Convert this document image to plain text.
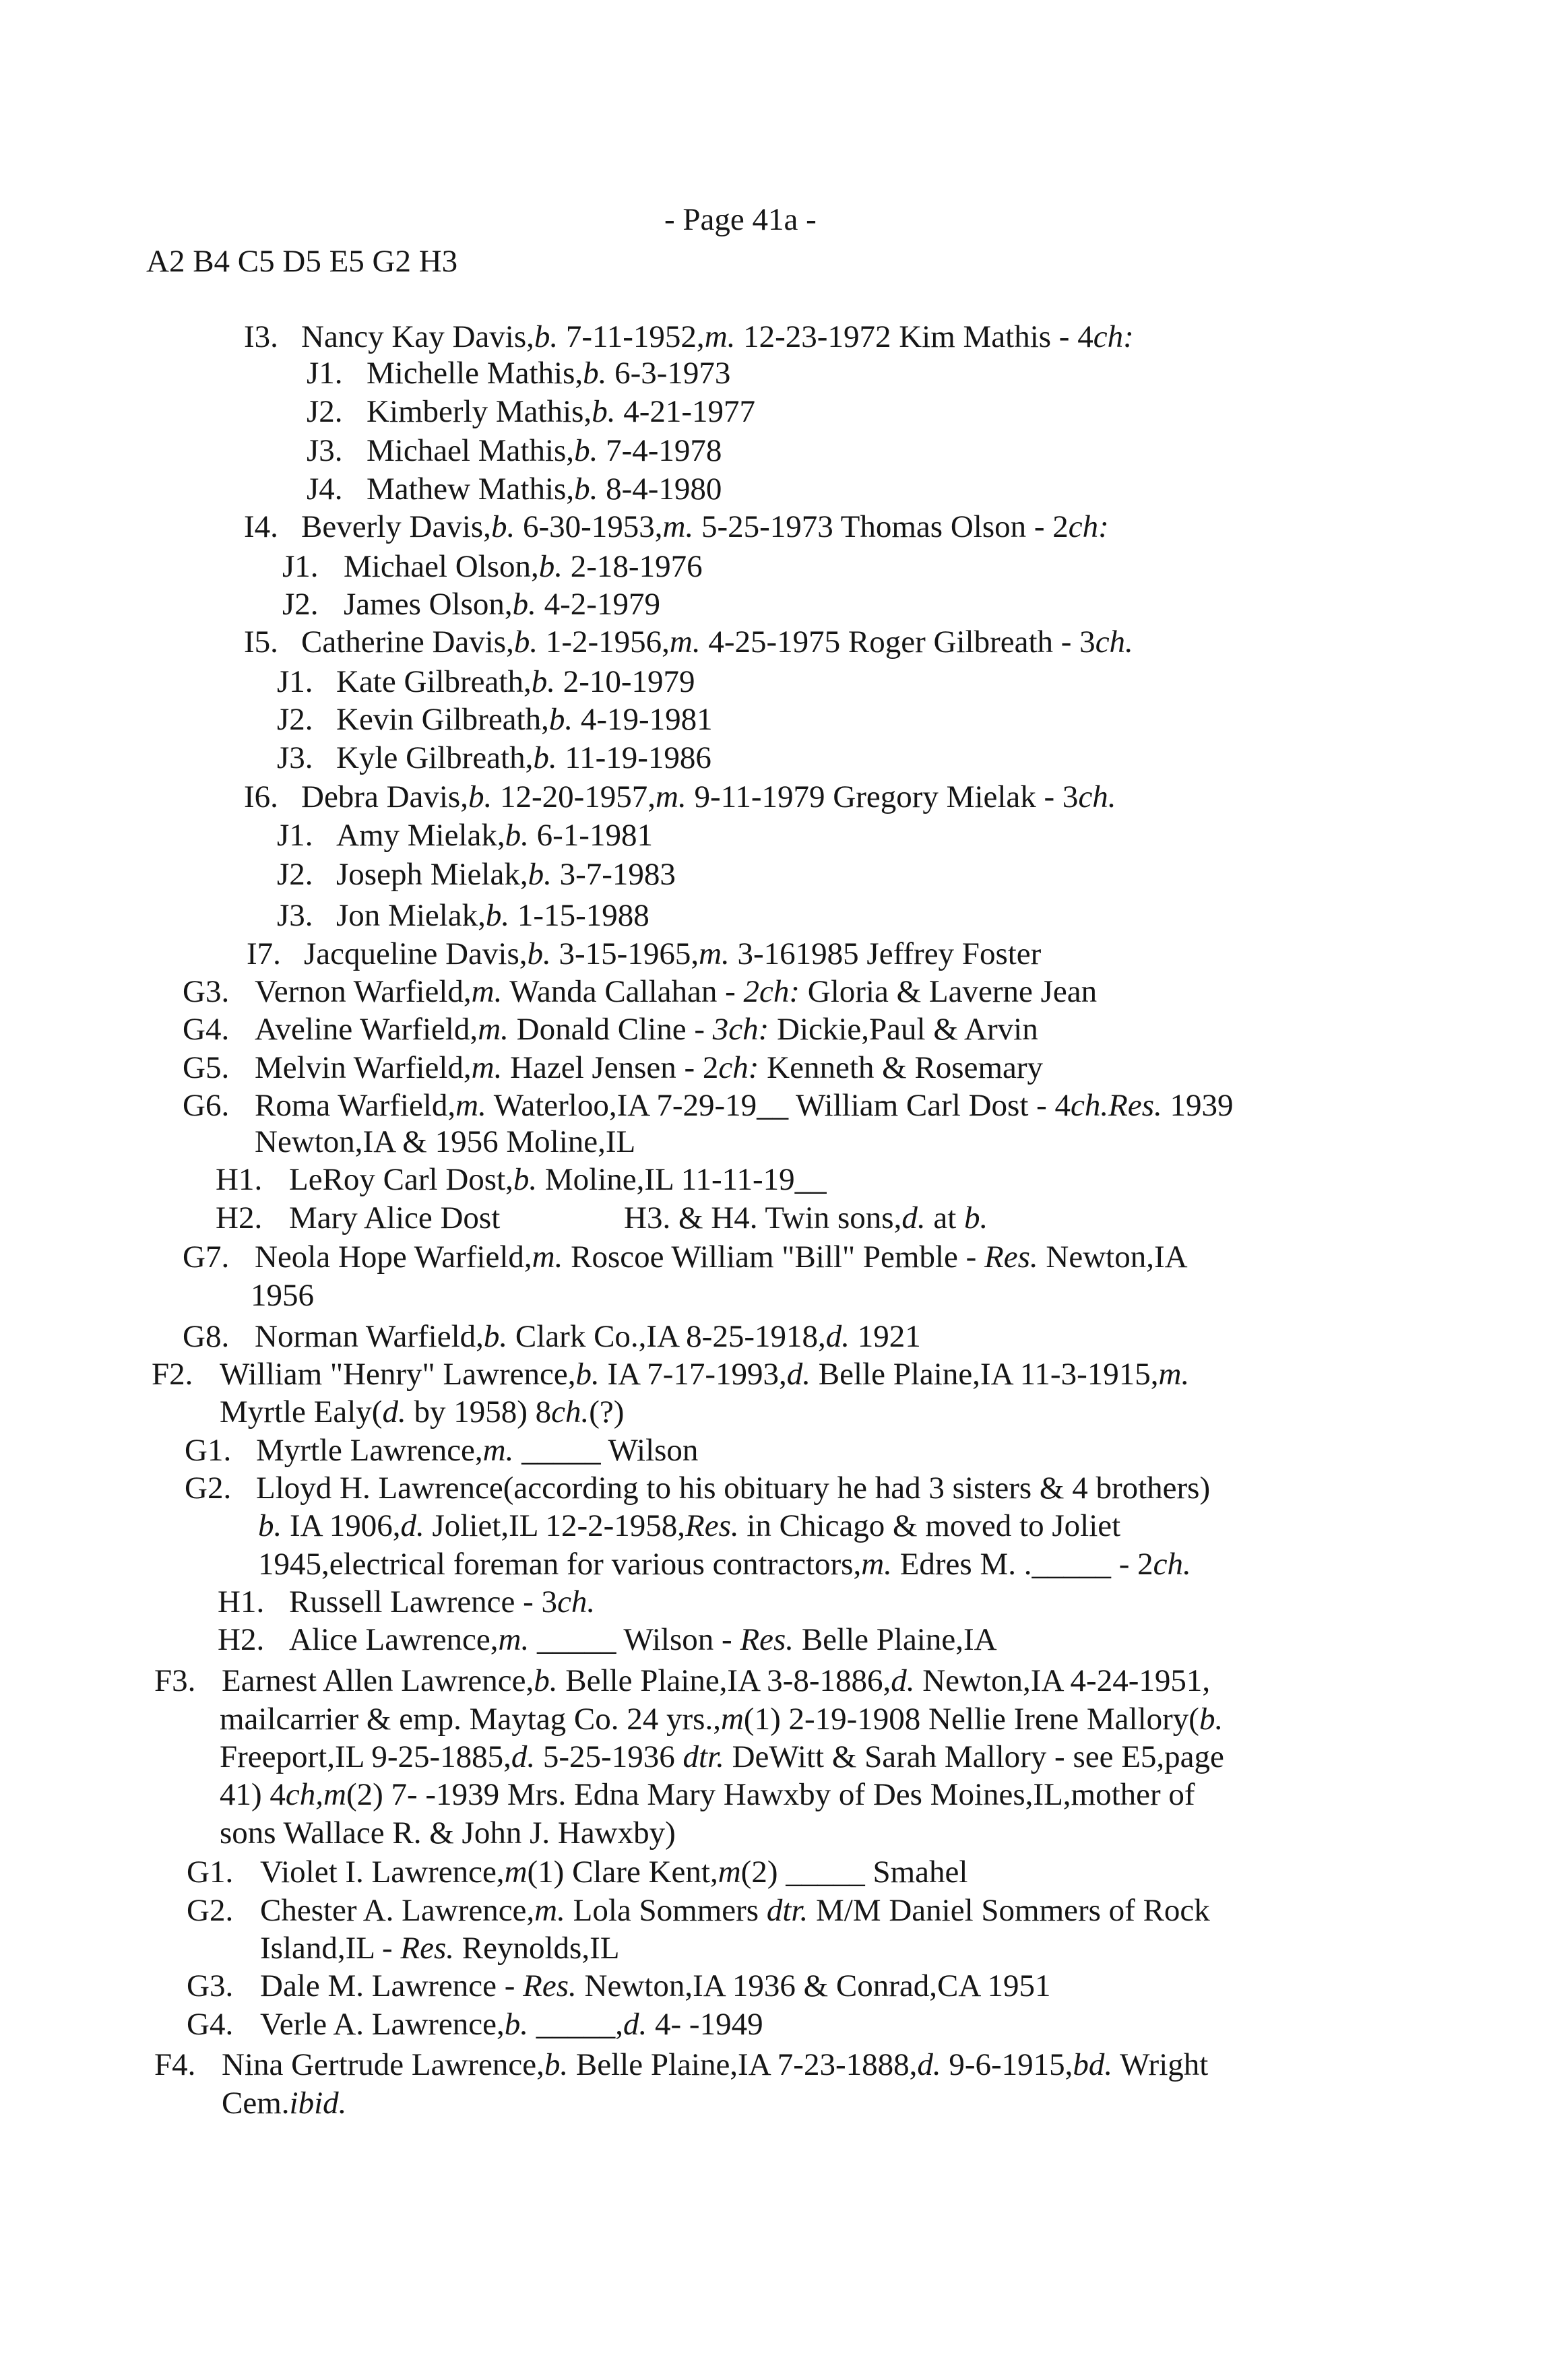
- Page 41a -
A2 B4 C5 D5 E5 G2 H3
I3. Nancy Kay Davis,b. 7-11-1952,m. 12-23-1972 Kim Mathis - 4ch:
J1. Michelle Mathis,b. 6-3-1973
J2. Kimberly Mathis,b. 4-21-1977
J3. Michael Mathis,b. 7-4-1978
J4. Mathew Mathis,b. 8-4-1980
I4. Beverly Davis,b. 6-30-1953,m. 5-25-1973 Thomas Olson - 2ch:
J1. Michael Olson,b. 2-18-1976
J2. James Olson,b. 4-2-1979
I5. Catherine Davis,b. 1-2-1956,m. 4-25-1975 Roger Gilbreath - 3ch.
J1. Kate Gilbreath,b. 2-10-1979
J2. Kevin Gilbreath,b. 4-19-1981
J3. Kyle Gilbreath,b. 11-19-1986
I6. Debra Davis,b. 12-20-1957,m. 9-11-1979 Gregory Mielak - 3ch.
J1. Amy Mielak,b. 6-1-1981
J2. Joseph Mielak,b. 3-7-1983
J3. Jon Mielak,b. 1-15-1988
I7. Jacqueline Davis,b. 3-15-1965,m. 3-161985 Jeffrey Foster
G3. Vernon Warfield,m. Wanda Callahan - 2ch: Gloria & Laverne Jean
G4. Aveline Warfield,m. Donald Cline - 3ch: Dickie,Paul & Arvin
G5. Melvin Warfield,m. Hazel Jensen - 2ch: Kenneth & Rosemary
G6. Roma Warfield,m. Waterloo,IA 7-29-19__ William Carl Dost - 4ch.Res. 1939
Newton,IA & 1956 Moline,IL
H1. LeRoy Carl Dost,b. Moline,IL 11-11-19__
H2. Mary Alice Dost	H3. & H4. Twin sons,d. at b.
G7. Neola Hope Warfield,m. Roscoe William "Bill" Pemble - Res. Newton,IA
1956
G8. Norman Warfield,b. Clark Co.,IA 8-25-1918,d. 1921
F2. William "Henry" Lawrence,b. IA 7-17-1993,d. Belle Plaine,IA 11-3-1915,m.
Myrtle Ealy(d. by 1958) 8ch.(?)
G1. Myrtle Lawrence,m. _____ Wilson
G2. Lloyd H. Lawrence(according to his obituary he had 3 sisters & 4 brothers)
b. IA 1906,d. Joliet,IL 12-2-1958,Res. in Chicago & moved to Joliet
1945,electrical foreman for various contractors,m. Edres M. ._____ - 2ch.
H1. Russell Lawrence - 3ch.
H2. Alice Lawrence,m. _____ Wilson - Res. Belle Plaine,IA
F3. Earnest Allen Lawrence,b. Belle Plaine,IA 3-8-1886,d. Newton,IA 4-24-1951,
mailcarrier & emp. Maytag Co. 24 yrs.,m(1) 2-19-1908 Nellie Irene Mallory(b.
Freeport,IL 9-25-1885,d. 5-25-1936 dtr. DeWitt & Sarah Mallory - see E5,page
41) 4ch,m(2) 7- -1939 Mrs. Edna Mary Hawxby of Des Moines,IL,mother of
sons Wallace R. & John J. Hawxby)
G1. Violet I. Lawrence,m(1) Clare Kent,m(2) _____ Smahel
G2. Chester A. Lawrence,m. Lola Sommers dtr. M/M Daniel Sommers of Rock
Island,IL - Res. Reynolds,IL
G3. Dale M. Lawrence - Res. Newton,IA 1936 & Conrad,CA 1951
G4. Verle A. Lawrence,b. _____,d. 4- -1949
F4. Nina Gertrude Lawrence,b. Belle Plaine,IA 7-23-1888,d. 9-6-1915,bd. Wright
Cem.ibid.
